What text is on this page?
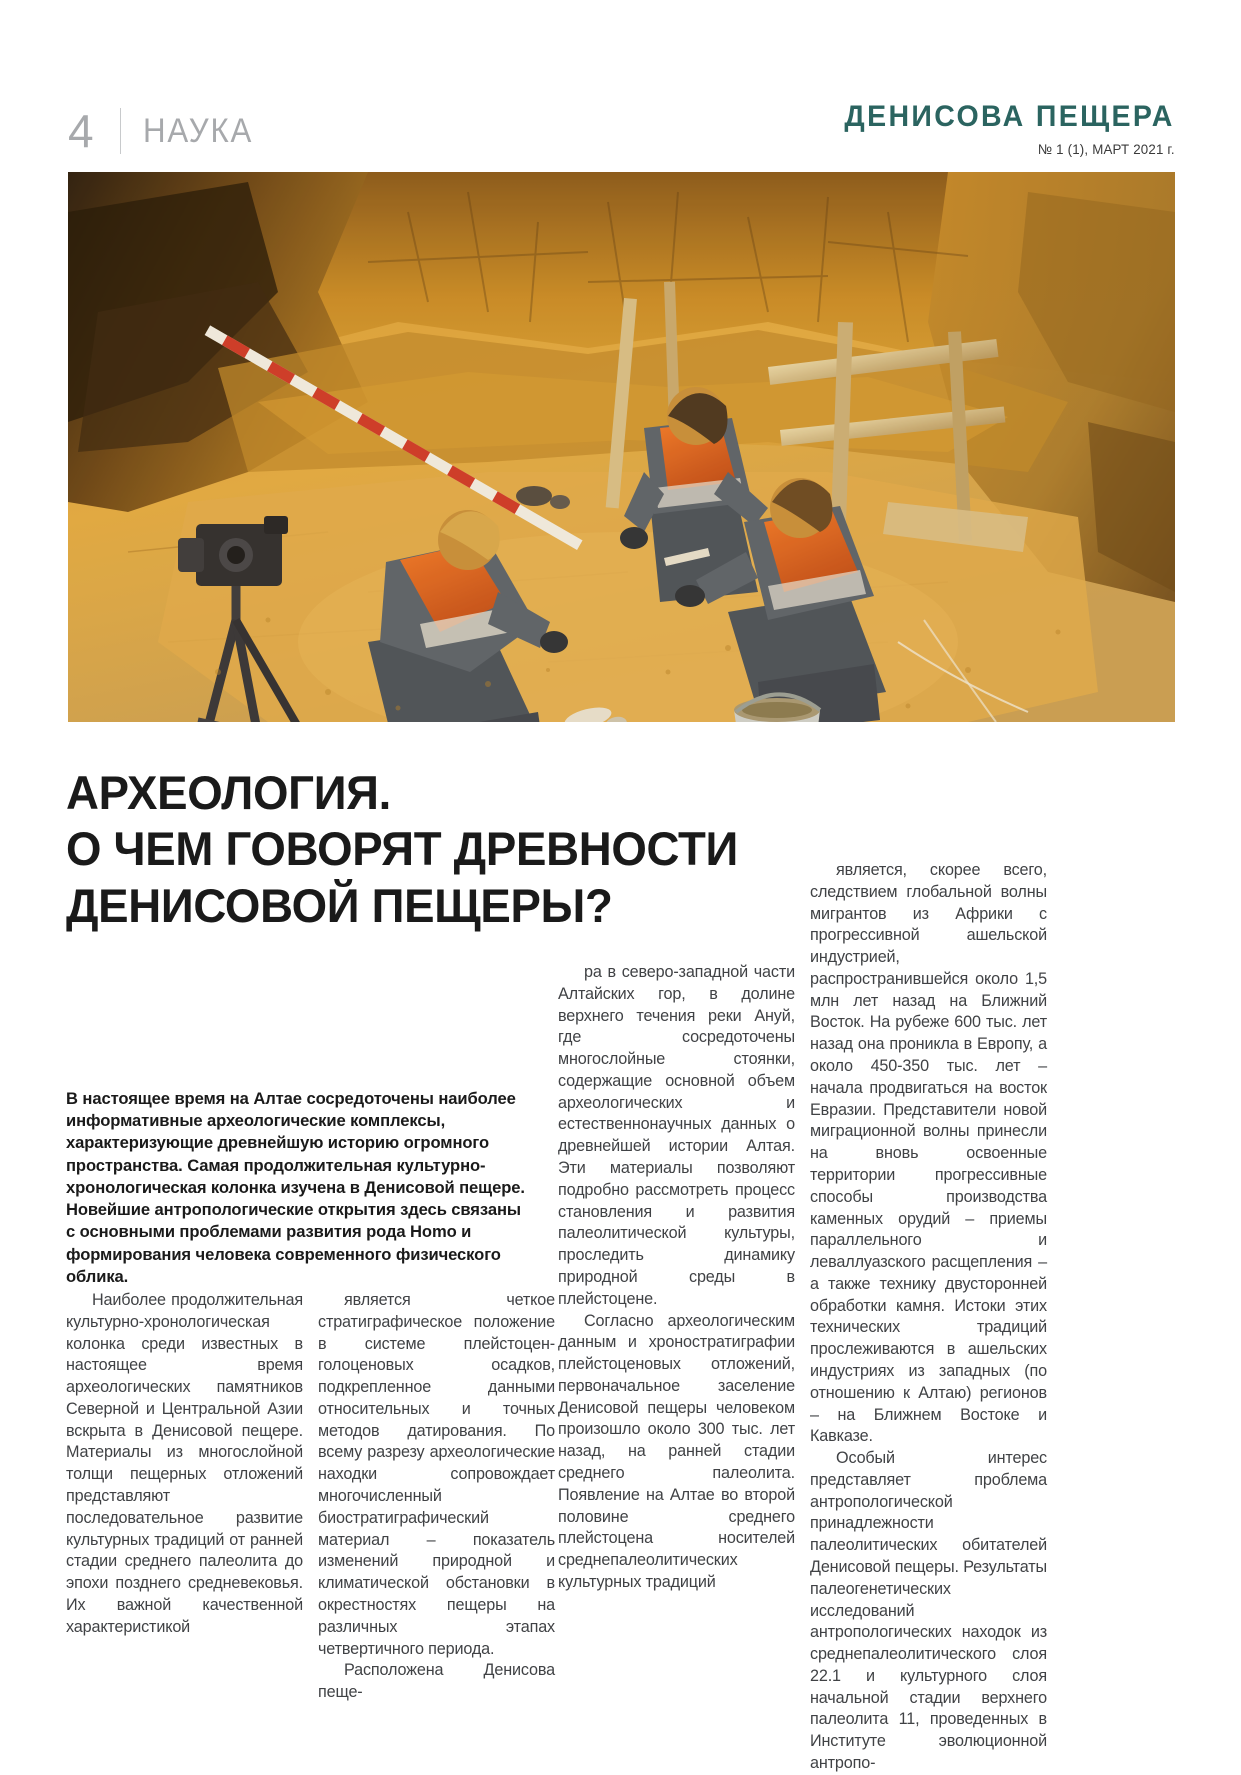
4 НАУКА	ДЕНИСОВА ПЕЩЕРА
№ 1 (1), МАРТ 2021 г.
АРХЕОЛОГИЯ.
О ЧЕМ ГОВОРЯТ ДРЕВНОСТИ
ДЕНИСОВОЙ ПЕЩЕРЫ?
В настоящее время на Алтае сосредоточены наиболее информативные археологические комплексы, характеризующие древнейшую историю огромного пространства. Самая продолжительная культурно-хронологическая колонка изучена в Денисовой пещере. Новейшие антропологические открытия здесь связаны с основными проблемами развития рода Homo и формирования человека современного физического облика.

ра в северо-западной части Алтайских гор, в долине верхнего течения реки Ануй, где сосредоточены многослойные стоянки, содержащие основной объем археологических и естественнонаучных данных о древнейшей истории Алтая. Эти материалы позволяют подробно рассмотреть процесс становления и развития палеолитической культуры, проследить динамику природной среды в плейстоцене.

Согласно археологическим данным и хроностратиграфии плейстоценовых отложений, первоначальное заселение Денисовой пещеры человеком произошло около 300 тыс. лет назад, на ранней стадии среднего палеолита. Появление на Алтае во второй половине среднего плейстоцена носителей среднепалеолитических культурных традиций

является, скорее всего, следствием глобальной волны мигрантов из Африки с прогрессивной ашельской индустрией, распространившейся около 1,5 млн лет назад на Ближний Восток. На рубеже 600 тыс. лет назад она проникла в Европу, а около 450-350 тыс. лет – начала продвигаться на восток Евразии. Представители новой миграционной волны принесли на вновь освоенные территории прогрессивные способы производства каменных орудий – приемы параллельного и леваллуазского расщепления – а также технику двусторонней обработки камня. Истоки этих технических традиций прослеживаются в ашельских индустриях из западных (по отношению к Алтаю) регионов – на Ближнем Востоке и Кавказе.

Особый интерес представляет проблема антропологической принадлежности палеолитических обитателей Денисовой пещеры. Результаты палеогенетических исследований антропологических находок из среднепалеолитического слоя 22.1 и культурного слоя начальной стадии верхнего палеолита 11, проведенных в Институте эволюционной антропо-

Наиболее продолжительная культурно-хронологическая колонка среди известных в настоящее время археологических памятников Северной и Центральной Азии вскрыта в Денисовой пещере. Материалы из многослойной толщи пещерных отложений представляют последовательное развитие культурных традиций от ранней стадии среднего палеолита до эпохи позднего средневековья. Их важной качественной характеристикой

является четкое стратиграфическое положение в системе плейстоцен-голоценовых осадков, подкрепленное данными относительных и точных методов датирования. По всему разрезу археологические находки сопровождает многочисленный биостратиграфический материал – показатель изменений природной и климатической обстановки в окрестностях пещеры на различных этапах четвертичного периода.

Расположена Денисова пеще-
